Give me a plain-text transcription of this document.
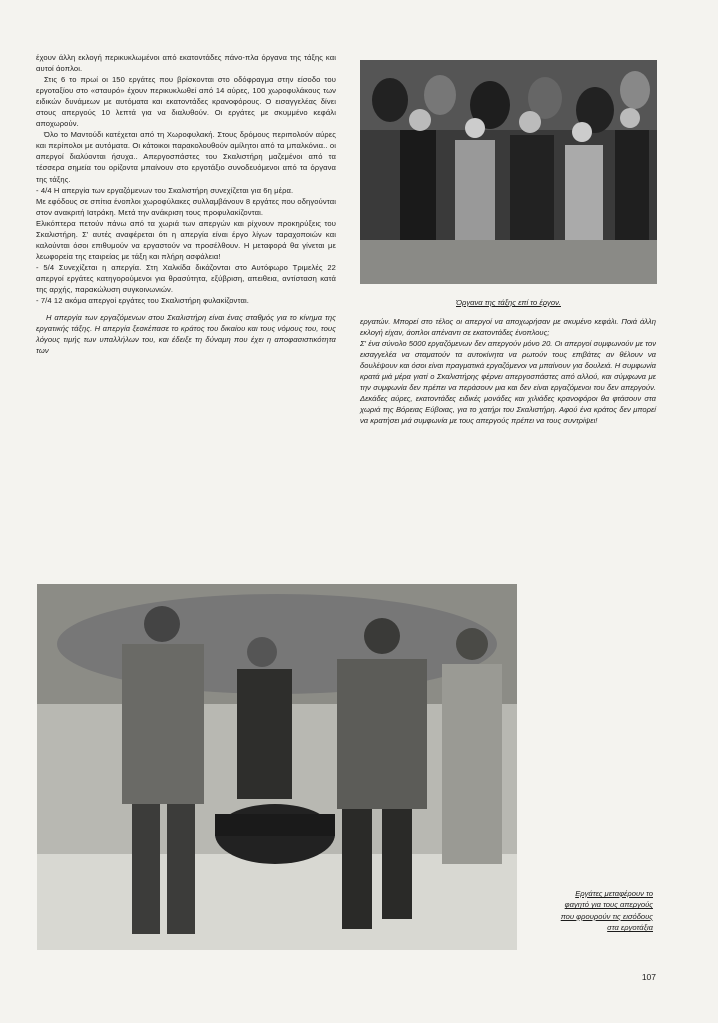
έχουν άλλη εκλογή περικυκλωμένοι από εκατοντάδες πάνο-πλα όργανα της τάξης και αυτοί άοπλοι.

Στις 6 το πρωί οι 150 εργάτες που βρίσκονται στο οδόφραγμα στην είσοδο του εργοταξίου στο «σταυρό» έχουν περικυκλωθεί από 14 αύρες, 100 χωροφυλάκους των ειδικών δυνάμεων με αυτόματα και εκατοντάδες κρανοφόρους. Ο εισαγγελέας δίνει στους απεργούς 10 λεπτά για να διαλυθούν. Οι εργάτες με σκυμμένο κεφάλι αποχωρούν.

Όλο το Μαντούδι κατέχεται από τη Χωροφυλακή. Στους δρόμους περιπολούν αύρες και περίπολοι με αυτόματα. Οι κάτοικοι παρακολουθούν αμίλητοι από τα μπαλκόνια.. οι απεργοί διαλύονται ήσυχα.. Απεργοσπάστες του Σκαλιστήρη μαζεμένοι από τα τέσσερα σημεία του ορίζοντα μπαίνουν στο εργοτάξιο συνοδευόμενοι από τα όργανα της τάξης.

- 4/4 Η απεργία των εργαζόμενων του Σκαλιστήρη συνεχίζεται για 6η μέρα.

Με εφόδους σε σπίτια ένοπλοι χωροφύλακες συλλαμβάνουν 8 εργάτες που οδηγούνται στον ανακριτή Ιατράκη. Μετά την ανάκριση τους προφυλακίζονται.

Ελικόπτερα πετούν πάνω από τα χωριά των απεργών και ρίχνουν προκηρύξεις του Σκαλιστήρη. Σ' αυτές αναφέρεται ότι η απεργία είναι έργο λίγων ταραχοποιών και καλούνται όσοι επιθυμούν να εργαστούν να προσέλθουν. Η μεταφορά θα γίνεται με λεωφορεία της εταιρείας με τάξη και πλήρη ασφάλεια!

- 5/4 Συνεχίζεται η απεργία. Στη Χαλκίδα δικάζονται στο Αυτόφωρο Τριμελές 22 απεργοί εργάτες κατηγορούμενοι για θρασύτητα, εξύβριση, απειθεια, αντίσταση κατά της αρχής, παρακώλυση συγκοινωνιών.

- 7/4 12 ακόμα απεργοί εργάτες του Σκαλιστήρη φυλακίζονται.

Η απεργία των εργαζόμενων στου Σκαλιστήρη είναι ένας σταθμός για το κίνημα της εργατικής τάξης. Η απεργία ξεσκέπασε το κράτος του δικαίου και τους νόμους του, τους λόγους τιμής των υπαλλήλων του, και έδειξε τη δύναμη που έχει η αποφασιστικότητα των

Όργανα της τάξης επί το έργον.

εργατών. Μπορεί στο τέλος οι απεργοί να αποχωρήσαν με σκυμένο κεφάλι. Ποιά άλλη εκλογή είχαν, άοπλοι απέναντι σε εκατοντάδες ένοπλους;

Σ' ένα σύνολο 5000 εργαζόμενων δεν απεργούν μόνο 20. Οι απεργοί συμφωνούν με τον εισαγγελέα να σταματούν τα αυτοκίνητα να ρωτούν τους επιβάτες αν θέλουν να δουλέψουν και όσοι είναι πραγματικά εργαζόμενοι να μπαίνουν για δουλειά. Η συμφωνία κρατά μιά μέρα γιατί ο Σκαλιστήρης φέρνει απεργοσπάστες από αλλού, και σύμφωνα με την συμφωνία δεν πρέπει να περάσουν μια και δεν είναι εργαζόμενοι του δεν απεργούν. Δεκάδες αύρες, εκατοντάδες ειδικές μονάδες και χιλιάδες κρανοφόροι θα φτάσουν στα χωριά της Βόρειας Εύβοιας, για το χατήρι του Σκαλιστήρη. Αφού ένα κράτος δεν μπορεί να κρατήσει μιά συμφωνία με τους απεργούς πρέπει να τους συντρίψει!

Εργάτες μεταφέρουν το
φαγητό για τους απεργούς
που φρουρούν τις εισόδους
στα εργοτάξια
107
